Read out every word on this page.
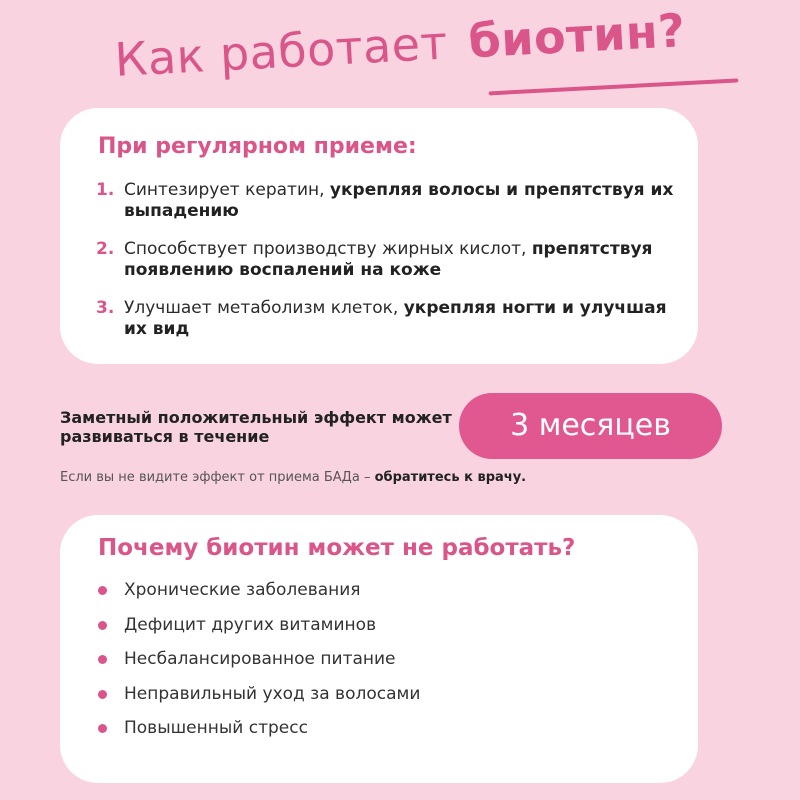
Как работает биотин?
При регулярном приеме:
1. Синтезирует кератин, укрепляя волосы и препятствуя их выпадению
2. Способствует производству жирных кислот, препятствуя появлению воспалений на коже
3. Улучшает метаболизм клеток, укрепляя ногти и улучшая их вид
Заметный положительный эффект может развиваться в течение	3 месяцев
Если вы не видите эффект от приема БАДа – обратитесь к врачу.
Почему биотин может не работать?
Хронические заболевания
Дефицит других витаминов
Несбалансированное питание
Неправильный уход за волосами
Повышенный стресс
